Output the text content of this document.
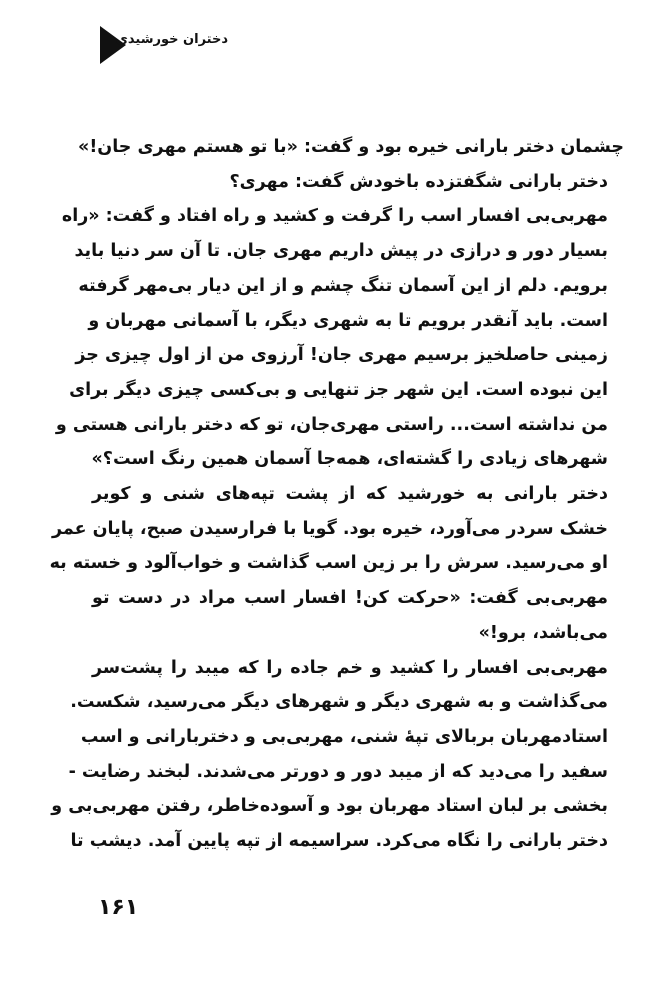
دختران خورشیدی

چشمان دختر بارانی خیره بود و گفت: «با تو هستم مهری جان!»

دختر بارانی شگفتزده باخودش گفت: مهری؟

مهربی‌بی افسار اسب را گرفت و کشید و راه افتاد و گفت: «راه
بسیار دور و درازی در پیش داریم مهری جان. تا آن سر دنیا باید
برویم. دلم از این آسمان تنگ چشم و از این دیار بی‌مهر گرفته
است. باید آنقدر برویم تا به شهری دیگر، با آسمانی مهربان و
زمینی حاصلخیز برسیم مهری جان! آرزوی من از اول چیزی جز
این نبوده است. این شهر جز تنهایی و بی‌کسی چیزی دیگر برای
من نداشته است... راستی مهری‌جان، تو که دختر بارانی هستی و
شهرهای زیادی را گشته‌ای، همه‌جا آسمان همین رنگ است؟»

دختر بارانی به خورشید که از پشت تپه‌های شنی و کویر
خشک سردر می‌آورد، خیره بود. گویا با فرارسیدن صبح، پایان عمر
او می‌رسید. سرش را بر زین اسب گذاشت و خواب‌آلود و خسته به
مهربی‌بی گفت: «حرکت کن! افسار اسب مراد در دست تو
می‌باشد، برو!»

مهربی‌بی افسار را کشید و خم جاده را که میبد را پشت‌سر
می‌گذاشت و به شهری دیگر و شهرهای دیگر می‌رسید، شکست.

استادمهربان بربالای تپهٔ شنی، مهربی‌بی و دختربارانی و اسب
سفید را می‌دید که از میبد دور و دورتر می‌شدند. لبخند رضایت -
بخشی بر لبان استاد مهربان بود و آسوده‌خاطر، رفتن مهربی‌بی و
دختر بارانی را نگاه می‌کرد. سراسیمه از تپه پایین آمد. دیشب تا

۱۶۱
